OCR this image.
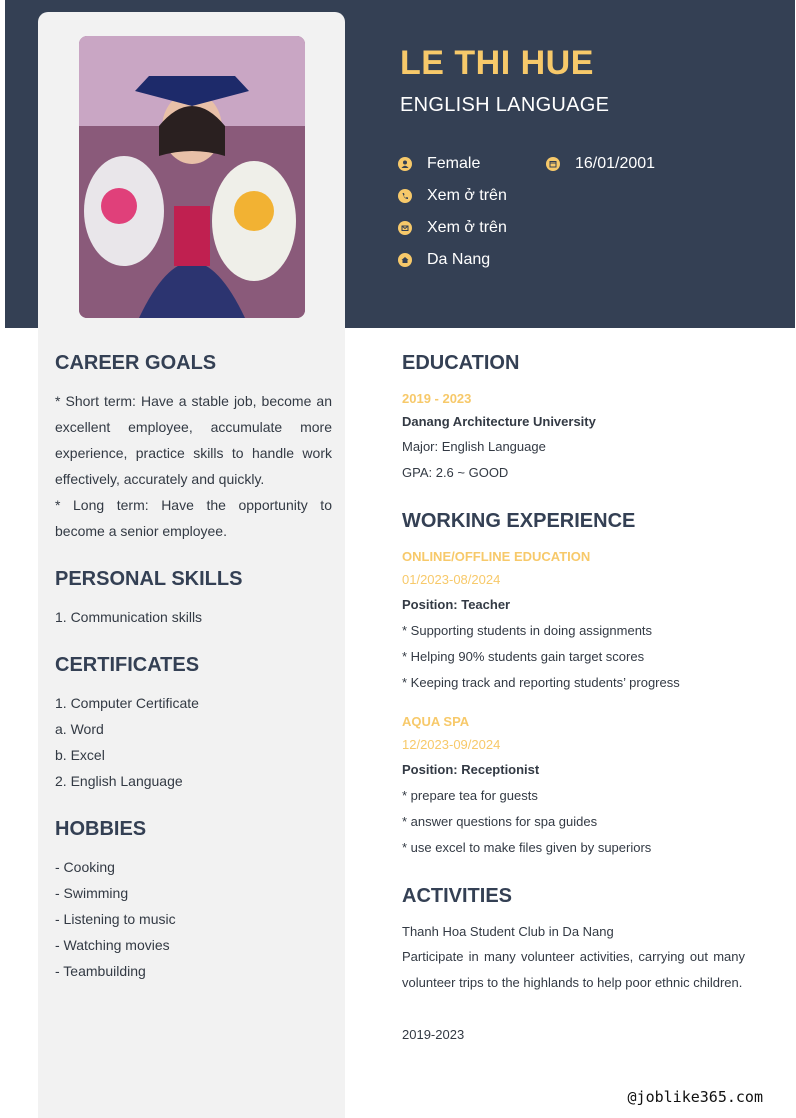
LE THI HUE
ENGLISH LANGUAGE
Female	16/01/2001
Xem ở trên
Xem ở trên
Da Nang
CAREER GOALS
* Short term: Have a stable job, become an excellent employee, accumulate more experience, practice skills to handle work effectively, accurately and quickly.
* Long term: Have the opportunity to become a senior employee.
PERSONAL SKILLS
1. Communication skills
CERTIFICATES
1. Computer Certificate
a. Word
b. Excel
2. English Language
HOBBIES
- Cooking
- Swimming
- Listening to music
- Watching movies
- Teambuilding
EDUCATION
2019 - 2023
Danang Architecture University
Major: English Language
GPA: 2.6 ~ GOOD
WORKING EXPERIENCE
ONLINE/OFFLINE EDUCATION
01/2023-08/2024
Position: Teacher
* Supporting students in doing assignments
* Helping 90% students gain target scores
* Keeping track and reporting students’ progress
AQUA SPA
12/2023-09/2024
Position: Receptionist
* prepare tea for guests
* answer questions for spa guides
* use excel to make files given by superiors
ACTIVITIES
Thanh Hoa Student Club in Da Nang
Participate in many volunteer activities, carrying out many volunteer trips to the highlands to help poor ethnic children.
2019-2023
@joblike365.com
